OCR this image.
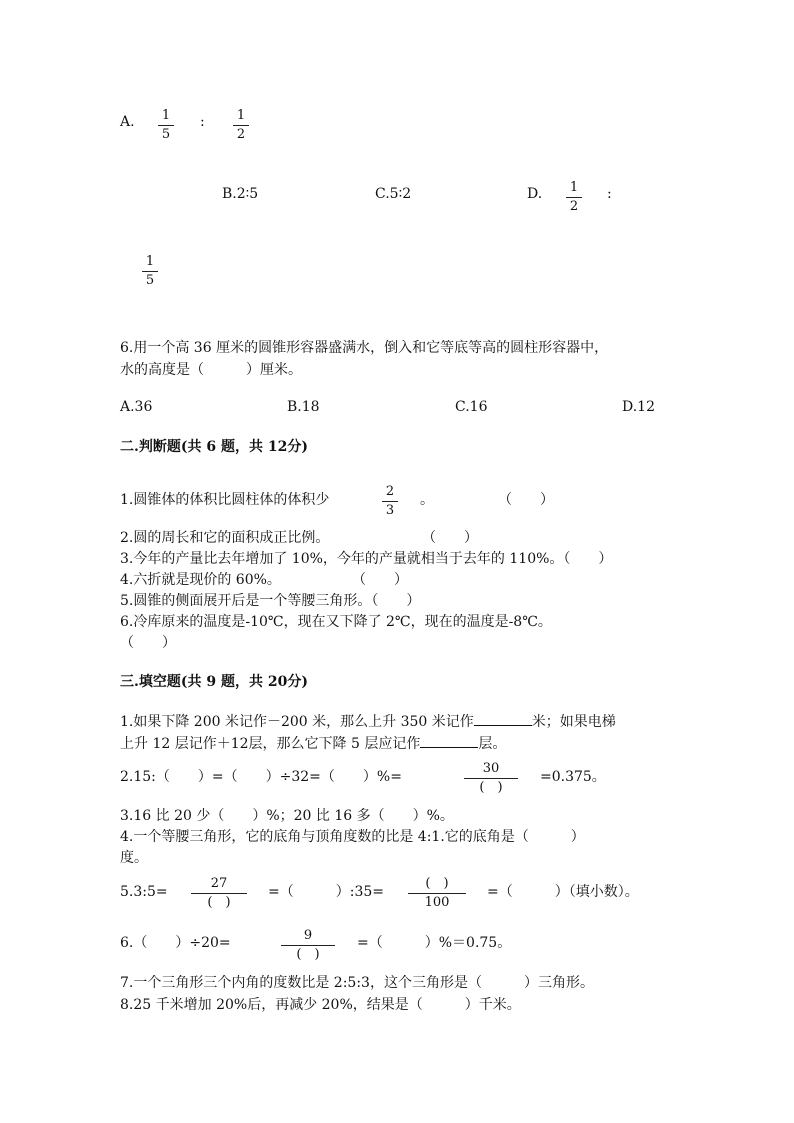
A. 1
5
: 1
2
B.2∶5	C.5∶2	D. 1
2
:
1
5
6.用一个高 36 厘米的圆锥形容器盛满水，倒入和它等底等高的圆柱形容器中，
水的高度是（　　　）厘米。
A.36	B.18	C.16	D.12
二.判断题(共 6 题，共 12分)
1.圆锥体的体积比圆柱体的体积少
2
3
。	（　　）
2.圆的周长和它的面积成正比例。	（　　）
3.今年的产量比去年增加了 10%，今年的产量就相当于去年的 110%。（　　）
4.六折就是现价的 60%。	（　　）
5.圆锥的侧面展开后是一个等腰三角形。（　　）
6.冷库原来的温度是-10℃，现在又下降了 2℃，现在的温度是-8℃。
（　　）
三.填空题(共 9 题，共 20分)
1.如果下降 200 米记作－200 米，那么上升 350 米记作	米；如果电梯
上升 12 层记作＋12层，那么它下降 5 层应记作	层。
2.15:（　　）=（　　）÷32=（　　）%=
30
(　)
=0.375。
3.16 比 20 少（　　）%；20 比 16 多（　　）%。
4.一个等腰三角形，它的底角与顶角度数的比是 4:1.它的底角是（　　　）
度。
5.3:5=
27
(　)
=（　　　）:35=
(　)
100
=（　　　）（填小数）。
6.（　　）÷20=	9
(　)
=（　　　）%＝0.75。
7.一个三角形三个内角的度数比是 2:5:3，这个三角形是（　　　）三角形。
8.25 千米增加 20%后，再减少 20%，结果是（　　　）千米。
